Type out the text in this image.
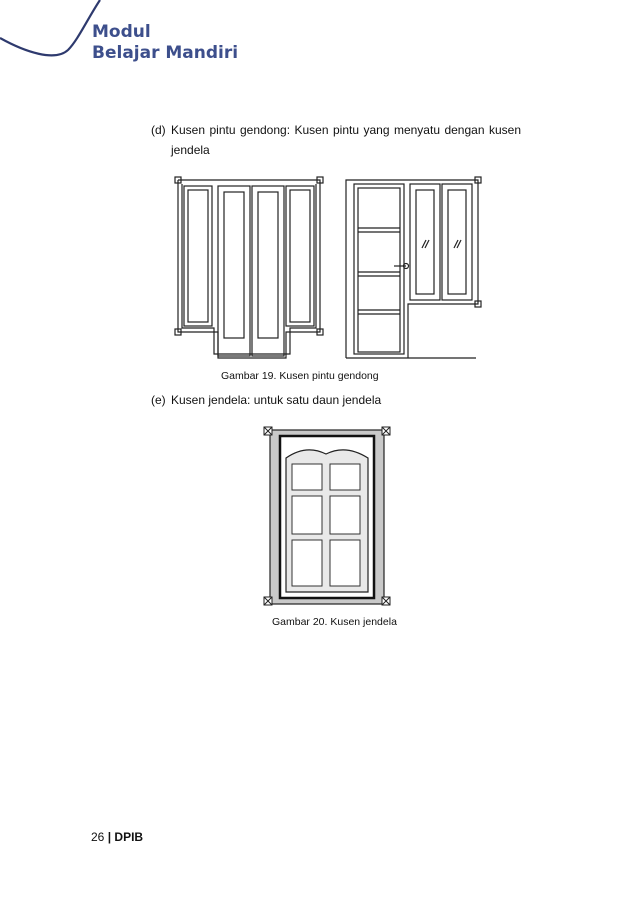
Modul
Belajar Mandiri
(d) Kusen pintu gendong: Kusen pintu yang menyatu dengan kusen
jendela
Gambar 19. Kusen pintu gendong
(e) Kusen jendela: untuk satu daun jendela
Gambar 20. Kusen jendela
26 | DPIB
